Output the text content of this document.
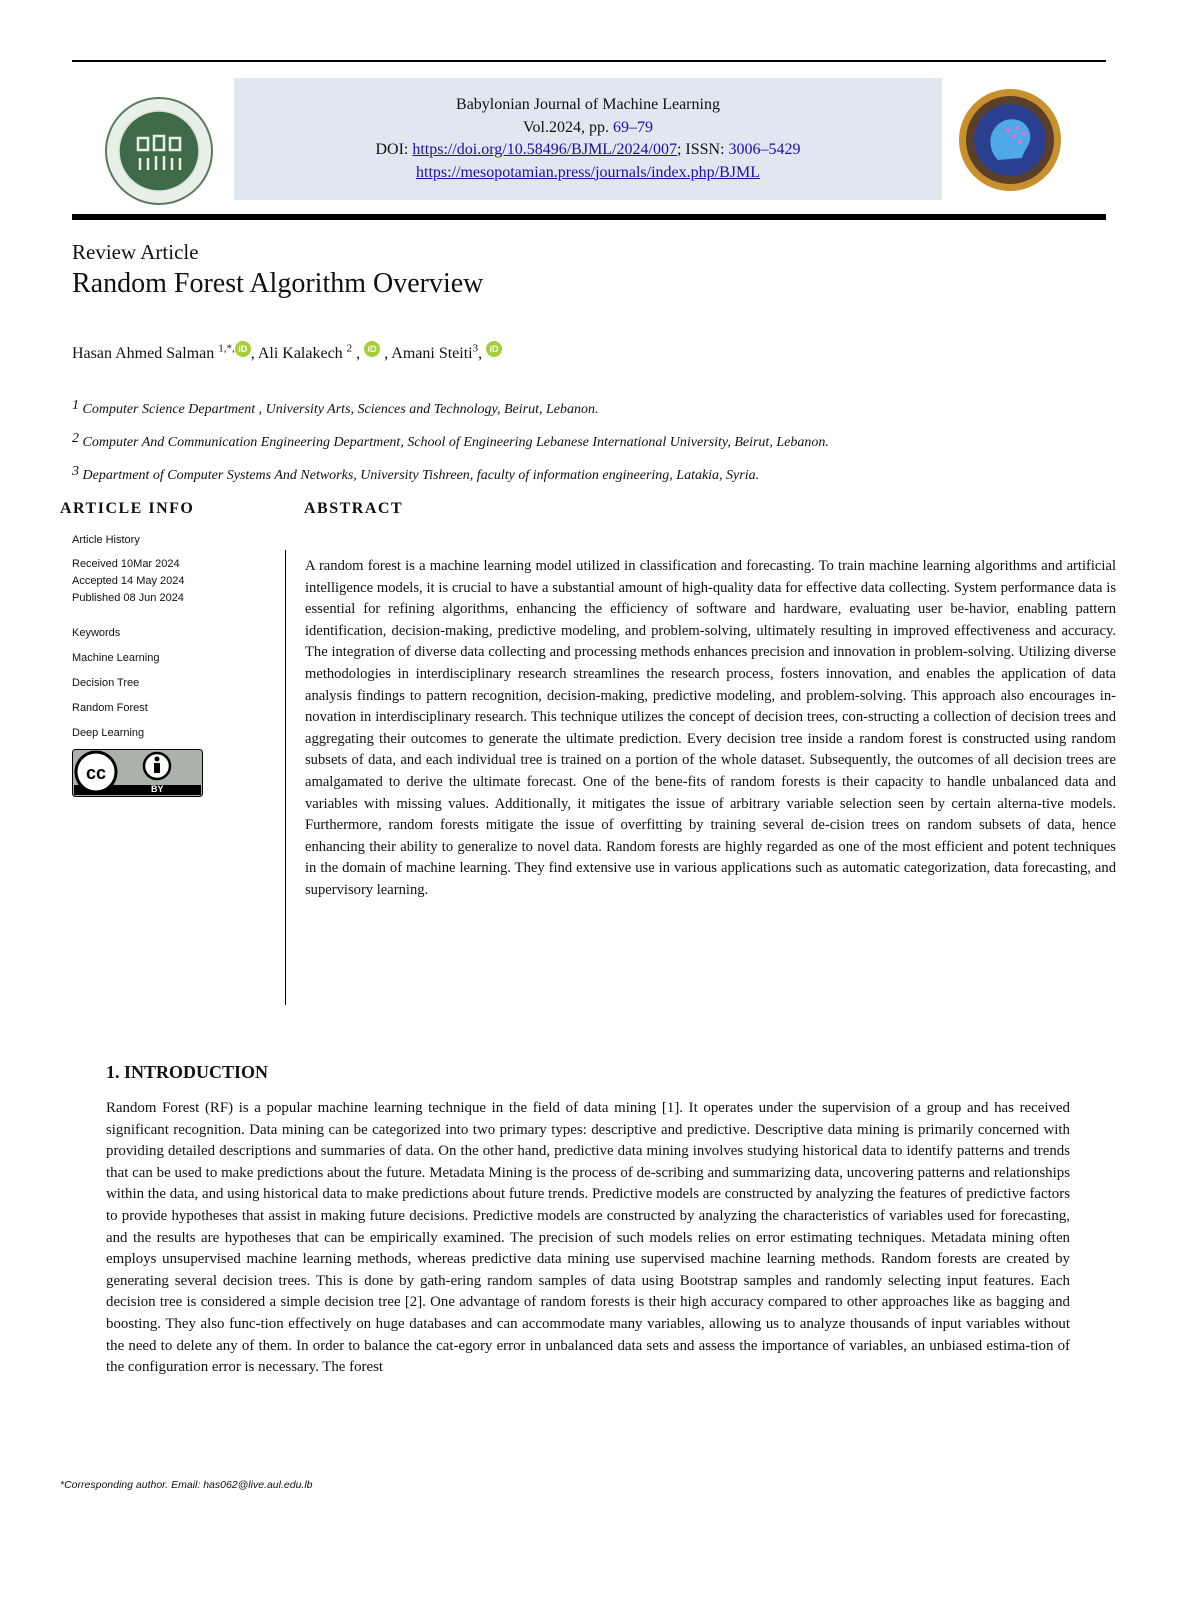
Babylonian Journal of Machine Learning
Vol.2024, pp. 69–79
DOI: https://doi.org/10.58496/BJML/2024/007; ISSN: 3006–5429
https://mesopotamian.press/journals/index.php/BJML
Review Article
Random Forest Algorithm Overview
Hasan Ahmed Salman $^{1,*,}$ iD , Ali Kalakech $^2$ , iD , Amani Steiti$^3$, iD
$^1$ Computer Science Department , University Arts, Sciences and Technology, Beirut, Lebanon.
$^2$ Computer And Communication Engineering Department, School of Engineering Lebanese International University, Beirut, Lebanon.
$^3$ Department of Computer Systems And Networks, University Tishreen, faculty of information engineering, Latakia, Syria.
ARTICLE INFO	ABSTRACT
Article History
Received 10Mar 2024
Accepted 14 May 2024
Published 08 Jun 2024
Keywords
Machine Learning
Decision Tree
Random Forest
Deep Learning
cc
BY
A random forest is a machine learning model utilized in classification and forecasting. To train machine learning algorithms and artificial intelligence models, it is crucial to have a substantial amount of high-quality data for effective data collecting. System performance data is essential for refining algorithms, enhancing the efficiency of software and hardware, evaluating user be-havior, enabling pattern identification, decision-making, predictive modeling, and problem-solving, ultimately resulting in improved effectiveness and accuracy. The integration of diverse data collecting and processing methods enhances precision and innovation in problem-solving. Utilizing diverse methodologies in interdisciplinary research streamlines the research process, fosters innovation, and enables the application of data analysis findings to pattern recognition, decision-making, predictive modeling, and problem-solving. This approach also encourages in-novation in interdisciplinary research. This technique utilizes the concept of decision trees, con-structing a collection of decision trees and aggregating their outcomes to generate the ultimate prediction. Every decision tree inside a random forest is constructed using random subsets of data, and each individual tree is trained on a portion of the whole dataset. Subsequently, the outcomes of all decision trees are amalgamated to derive the ultimate forecast. One of the bene-fits of random forests is their capacity to handle unbalanced data and variables with missing values. Additionally, it mitigates the issue of arbitrary variable selection seen by certain alterna-tive models. Furthermore, random forests mitigate the issue of overfitting by training several de-cision trees on random subsets of data, hence enhancing their ability to generalize to novel data. Random forests are highly regarded as one of the most efficient and potent techniques in the domain of machine learning. They find extensive use in various applications such as automatic categorization, data forecasting, and supervisory learning.
1. INTRODUCTION
Random Forest (RF) is a popular machine learning technique in the field of data mining [1]. It operates under the supervision of a group and has received significant recognition. Data mining can be categorized into two primary types: descriptive and predictive. Descriptive data mining is primarily concerned with providing detailed descriptions and summaries of data. On the other hand, predictive data mining involves studying historical data to identify patterns and trends that can be used to make predictions about the future. Metadata Mining is the process of de-scribing and summarizing data, uncovering patterns and relationships within the data, and using historical data to make predictions about future trends. Predictive models are constructed by analyzing the features of predictive factors to provide hypotheses that assist in making future decisions. Predictive models are constructed by analyzing the characteristics of variables used for forecasting, and the results are hypotheses that can be empirically examined. The precision of such models relies on error estimating techniques. Metadata mining often employs unsupervised machine learning methods, whereas predictive data mining use supervised machine learning methods. Random forests are created by generating several decision trees. This is done by gath-ering random samples of data using Bootstrap samples and randomly selecting input features. Each decision tree is considered a simple decision tree [2]. One advantage of random forests is their high accuracy compared to other approaches like as bagging and boosting. They also func-tion effectively on huge databases and can accommodate many variables, allowing us to analyze thousands of input variables without the need to delete any of them. In order to balance the cat-egory error in unbalanced data sets and assess the importance of variables, an unbiased estima-tion of the configuration error is necessary. The forest
*Corresponding author. Email: has062@live.aul.edu.lb
